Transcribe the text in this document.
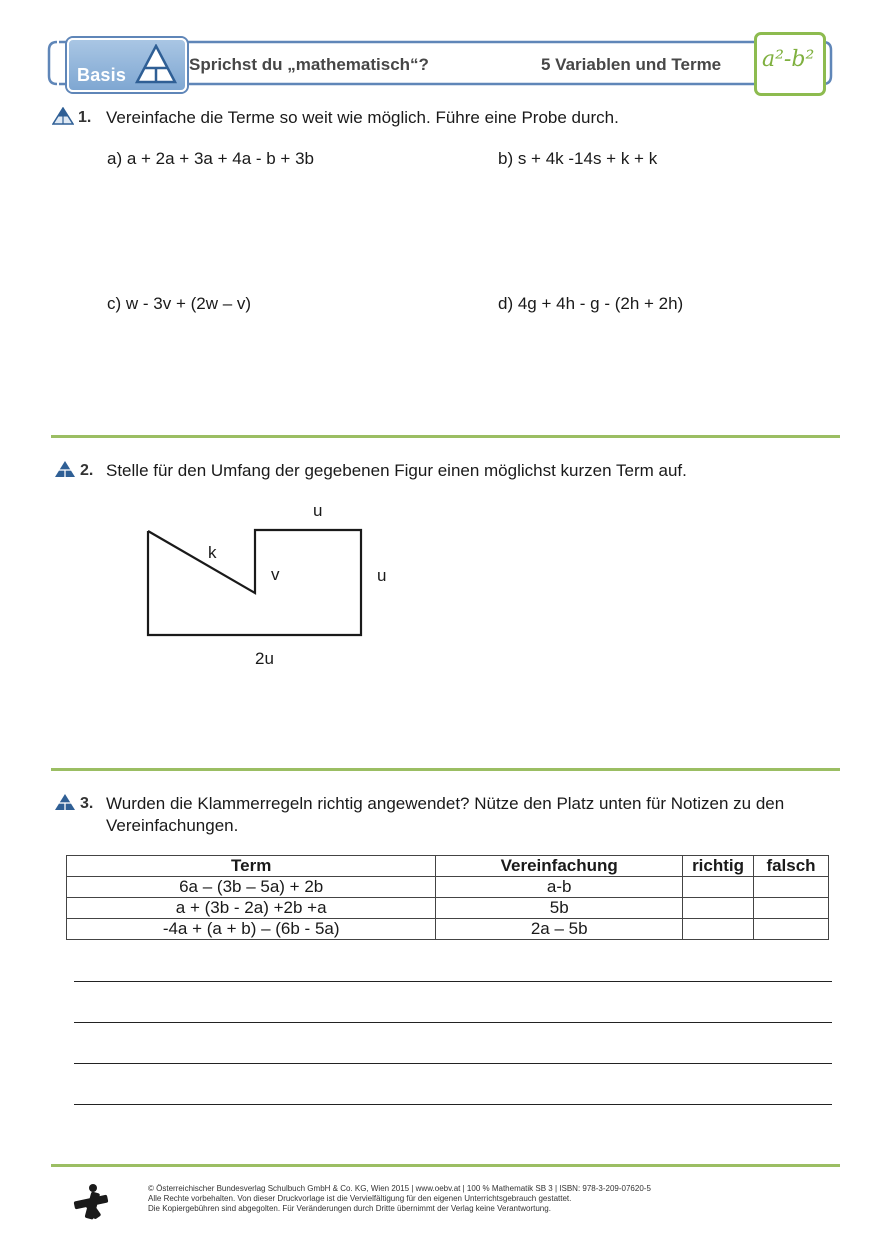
Basis
Sprichst du „mathematisch“?	5 Variablen und Terme a²-b²
1. Vereinfache die Terme so weit wie möglich. Führe eine Probe durch.
a) a + 2a + 3a + 4a - b + 3b	b) s + 4k -14s + k + k
c) w - 3v + (2w – v)	d) 4g + 4h - g - (2h + 2h)
2. Stelle für den Umfang der gegebenen Figur einen möglichst kurzen Term auf.
u
k
v	u
2u
3. Wurden die Klammerregeln richtig angewendet? Nütze den Platz unten für Notizen zu den
Vereinfachungen.
Term	Vereinfachung	richtig	falsch
6a – (3b – 5a) + 2b	a-b		
a + (3b - 2a) +2b +a	5b		
-4a + (a + b) – (6b - 5a)	2a – 5b		
© Österreichischer Bundesverlag Schulbuch GmbH & Co. KG, Wien 2015 | www.oebv.at | 100 % Mathematik SB 3 | ISBN: 978-3-209-07620-5
Alle Rechte vorbehalten. Von dieser Druckvorlage ist die Vervielfältigung für den eigenen Unterrichtsgebrauch gestattet.
Die Kopiergebühren sind abgegolten. Für Veränderungen durch Dritte übernimmt der Verlag keine Verantwortung.
